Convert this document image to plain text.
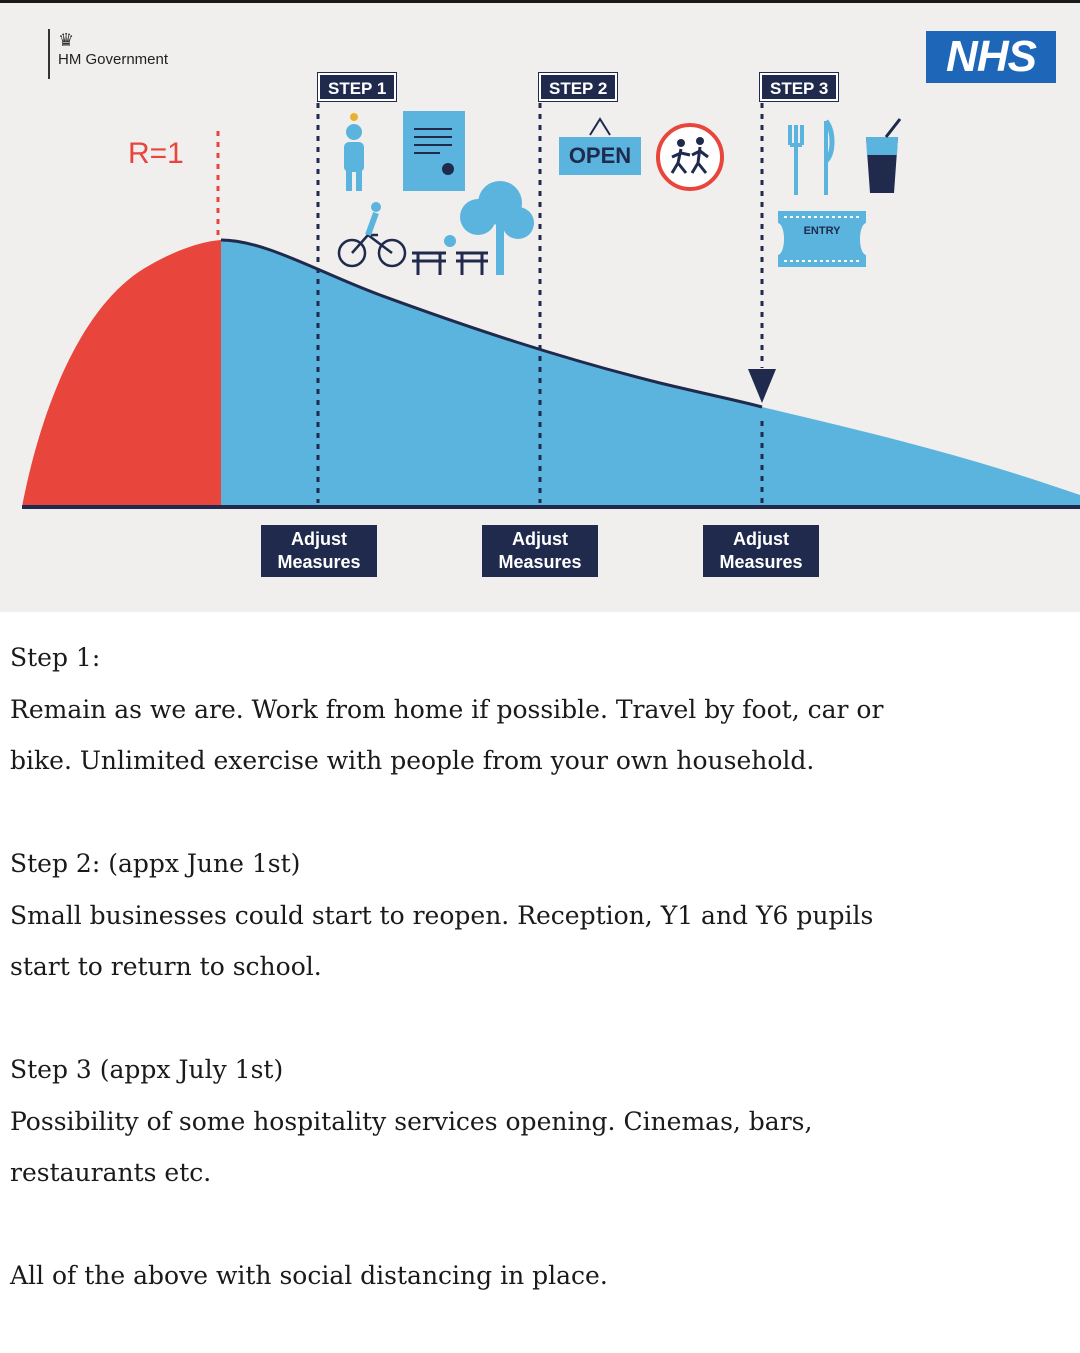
♛
HM Government	NHS
R=1
STEP 1	STEP 2	STEP 3
OPEN
ENTRY
Adjust
Measures
Adjust
Measures
Adjust
Measures

Step 1:

Remain as we are. Work from home if possible. Travel by foot, car or

bike. Unlimited exercise with people from your own household.

Step 2: (appx June 1st)

Small businesses could start to reopen. Reception, Y1 and Y6 pupils

start to return to school.

Step 3 (appx July 1st)

Possibility of some hospitality services opening. Cinemas, bars,

restaurants etc.

All of the above with social distancing in place.
